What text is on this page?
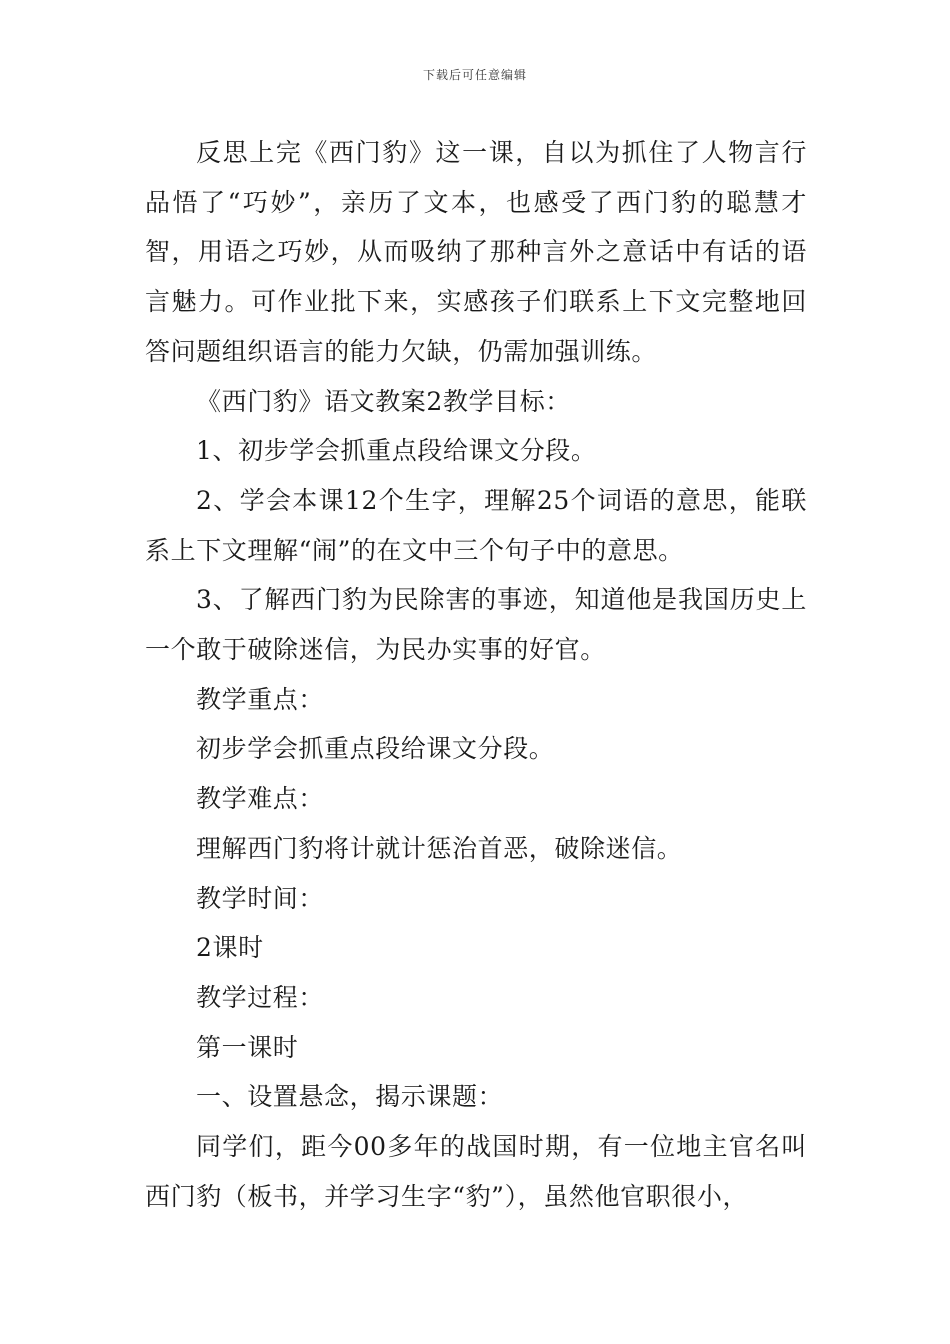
下载后可任意编辑

反思上完《西门豹》这一课，自以为抓住了人物言行品悟了“巧妙”，亲历了文本，也感受了西门豹的聪慧才智，用语之巧妙，从而吸纳了那种言外之意话中有话的语言魅力。可作业批下来，实感孩子们联系上下文完整地回答问题组织语言的能力欠缺，仍需加强训练。

《西门豹》语文教案2教学目标：

1、初步学会抓重点段给课文分段。

2、学会本课12个生字，理解25个词语的意思，能联系上下文理解“闹”的在文中三个句子中的意思。

3、了解西门豹为民除害的事迹，知道他是我国历史上一个敢于破除迷信，为民办实事的好官。

教学重点：

初步学会抓重点段给课文分段。

教学难点：

理解西门豹将计就计惩治首恶，破除迷信。

教学时间：

2课时

教学过程：

第一课时

一、设置悬念，揭示课题：

同学们，距今00多年的战国时期，有一位地主官名叫西门豹（板书，并学习生字“豹”），虽然他官职很小，
